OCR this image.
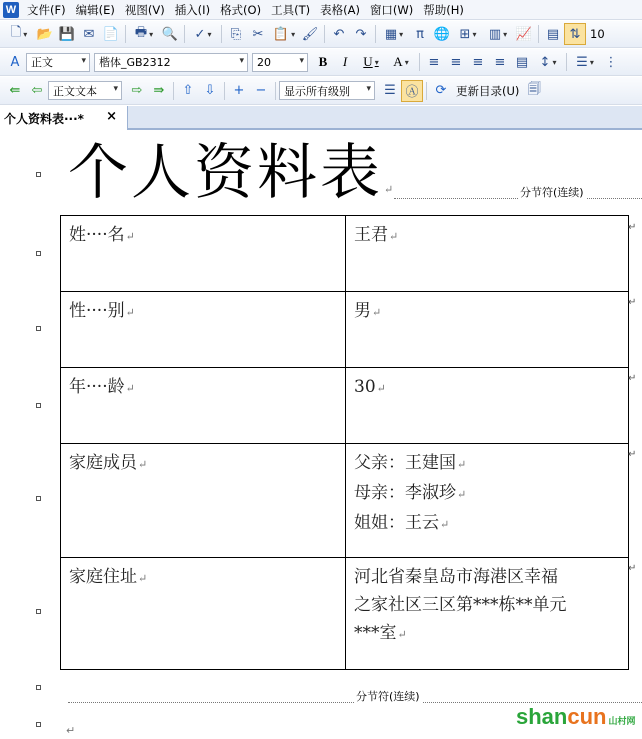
W 文件(F) 编辑(E) 视图(V) 插入(I) 格式(O) 工具(T) 表格(A) 窗口(W) 帮助(H)
🗋 ▾	📂 💾 ✉ 📄	🖶 ▾	🔍	✓ ▾	⎘ ✂ 📋 ▾ 🖌	↶ ↷	▦ ▾	π 🌐 ⊞ ▾	▥ ▾	📈	▤ ⇅ 10
A	正文	▾ 楷体_GB2312	▾ 20	▾	B	I	U
▾	A ▾	≡ ≡ ≡ ≡ ▤ ↕ ▾	☰ ▾	⋮
⇚ ⇦ 正文文本 ▾	⇨ ⇛	⇧ ⇩	+ −	显示所有级别 ▾	☰ Ⓐ	⟳ 更新目录(U) 🗐
个人资料表···* ×
个人资料表↵	分节符(连续)
姓····名↵	王君↵
性····别↵	男↵
年····龄↵	30↵
家庭成员↵	父亲：王建国↵
母亲：李淑珍↵
姐姐：王云↵

家庭住址↵	河北省秦皇岛市海港区幸福
之家社区三区第***栋**单元
***室↵
↵
↵
↵
↵
↵
分节符(连续)
↵
shancun 山村网
